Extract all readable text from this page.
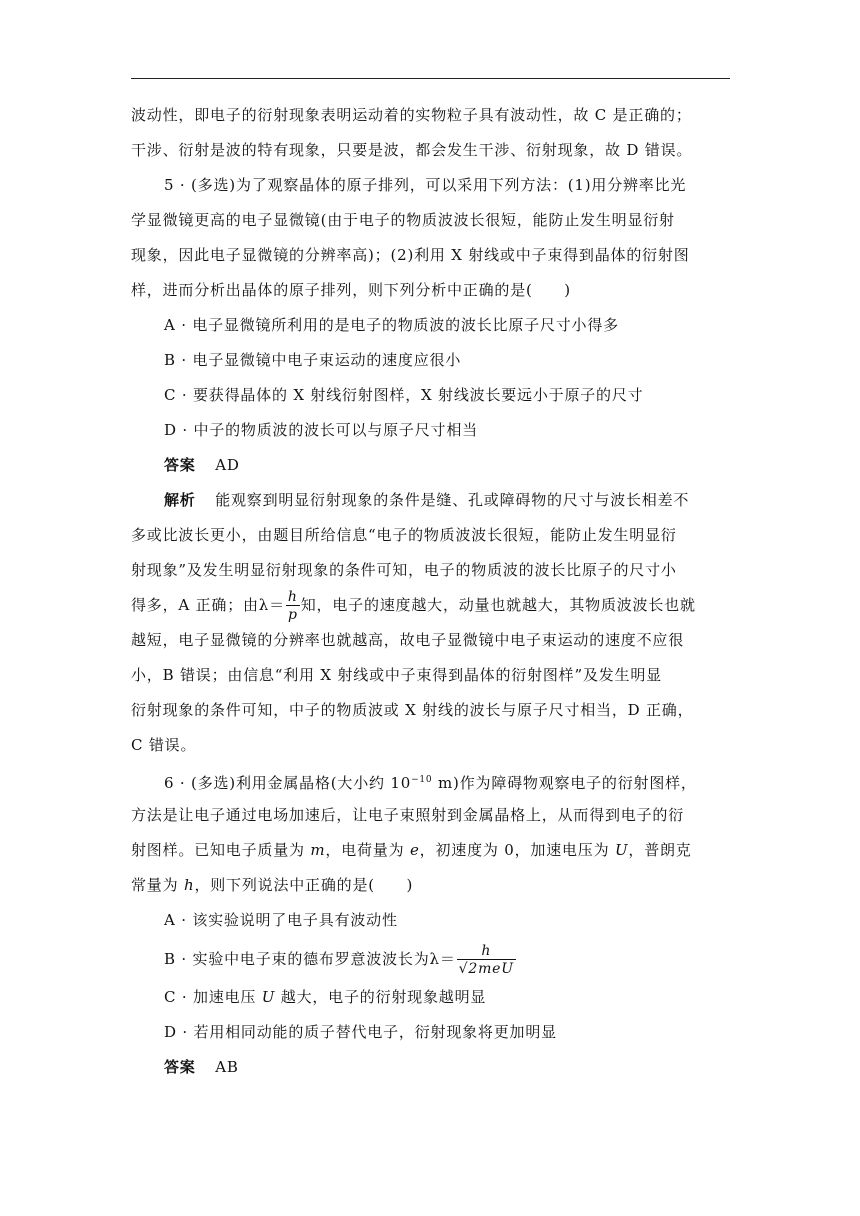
波动性，即电子的衍射现象表明运动着的实物粒子具有波动性，故 C 是正确的；
干涉、衍射是波的特有现象，只要是波，都会发生干涉、衍射现象，故 D 错误。
5 · (多选)为了观察晶体的原子排列，可以采用下列方法：(1)用分辨率比光
学显微镜更高的电子显微镜(由于电子的物质波波长很短，能防止发生明显衍射
现象，因此电子显微镜的分辨率高)；(2)利用 X 射线或中子束得到晶体的衍射图
样，进而分析出晶体的原子排列，则下列分析中正确的是(　　)
A · 电子显微镜所利用的是电子的物质波的波长比原子尺寸小得多
B · 电子显微镜中电子束运动的速度应很小
C · 要获得晶体的 X 射线衍射图样，X 射线波长要远小于原子的尺寸
D · 中子的物质波的波长可以与原子尺寸相当
答案 AD
解析 能观察到明显衍射现象的条件是缝、孔或障碍物的尺寸与波长相差不
多或比波长更小，由题目所给信息“电子的物质波波长很短，能防止发生明显衍
射现象”及发生明显衍射现象的条件可知，电子的物质波的波长比原子的尺寸小
得多，A 正确；由$\lambda= \frac{h}{p}$ 知，电子的速度越大，动量也就越大，其物质波波长也就
越短，电子显微镜的分辨率也就越高，故电子显微镜中电子束运动的速度不应很
小，B 错误；由信息“利用 X 射线或中子束得到晶体的衍射图样”及发生明显
衍射现象的条件可知，中子的物质波或 X 射线的波长与原子尺寸相当，D 正确，
C 错误。
6 · (多选)利用金属晶格(大小约 $10^{-10}$ m)作为障碍物观察电子的衍射图样，
方法是让电子通过电场加速后，让电子束照射到金属晶格上，从而得到电子的衍
射图样。已知电子质量为 m，电荷量为 e，初速度为 0，加速电压为 U，普朗克
常量为 h，则下列说法中正确的是(　　)
A · 该实验说明了电子具有波动性
B · 实验中电子束的德布罗意波波长为$\lambda= \frac{h}{\text{√2meU}}$
C · 加速电压 U 越大，电子的衍射现象越明显
D · 若用相同动能的质子替代电子，衍射现象将更加明显
答案 AB
